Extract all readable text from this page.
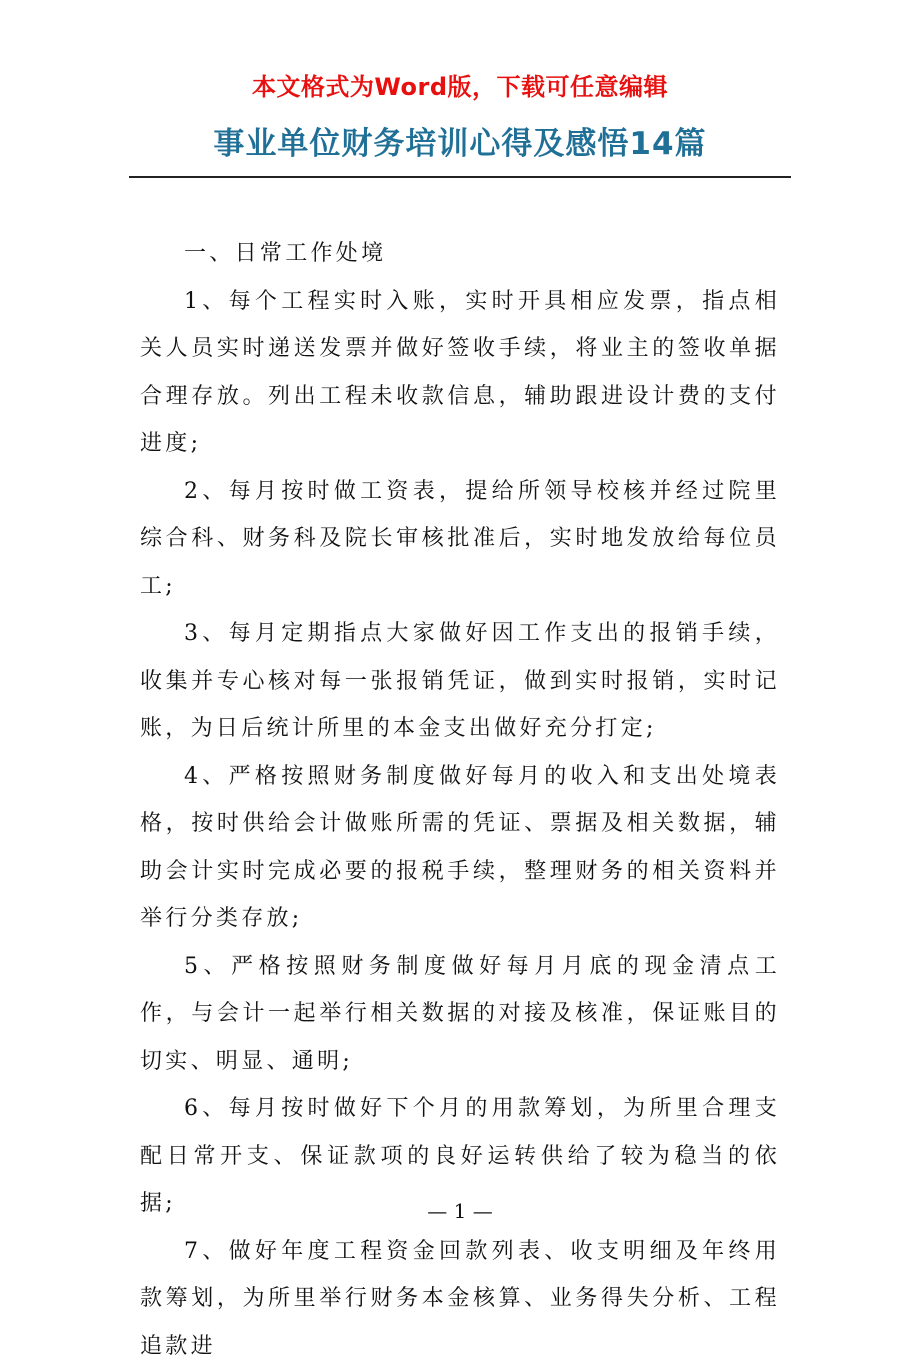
本文格式为Word版，下载可任意编辑
事业单位财务培训心得及感悟14篇

一、日常工作处境

1、每个工程实时入账，实时开具相应发票，指点相关人员实时递送发票并做好签收手续，将业主的签收单据合理存放。列出工程未收款信息，辅助跟进设计费的支付进度;

2、每月按时做工资表，提给所领导校核并经过院里综合科、财务科及院长审核批准后，实时地发放给每位员工;

3、每月定期指点大家做好因工作支出的报销手续，收集并专心核对每一张报销凭证，做到实时报销，实时记账，为日后统计所里的本金支出做好充分打定;

4、严格按照财务制度做好每月的收入和支出处境表格，按时供给会计做账所需的凭证、票据及相关数据，辅助会计实时完成必要的报税手续，整理财务的相关资料并举行分类存放;

5、严格按照财务制度做好每月月底的现金清点工作，与会计一起举行相关数据的对接及核准，保证账目的切实、明显、通明;

6、每月按时做好下个月的用款筹划，为所里合理支配日常开支、保证款项的良好运转供给了较为稳当的依据;

7、做好年度工程资金回款列表、收支明细及年终用款筹划，为所里举行财务本金核算、业务得失分析、工程追款进

— 1 —
